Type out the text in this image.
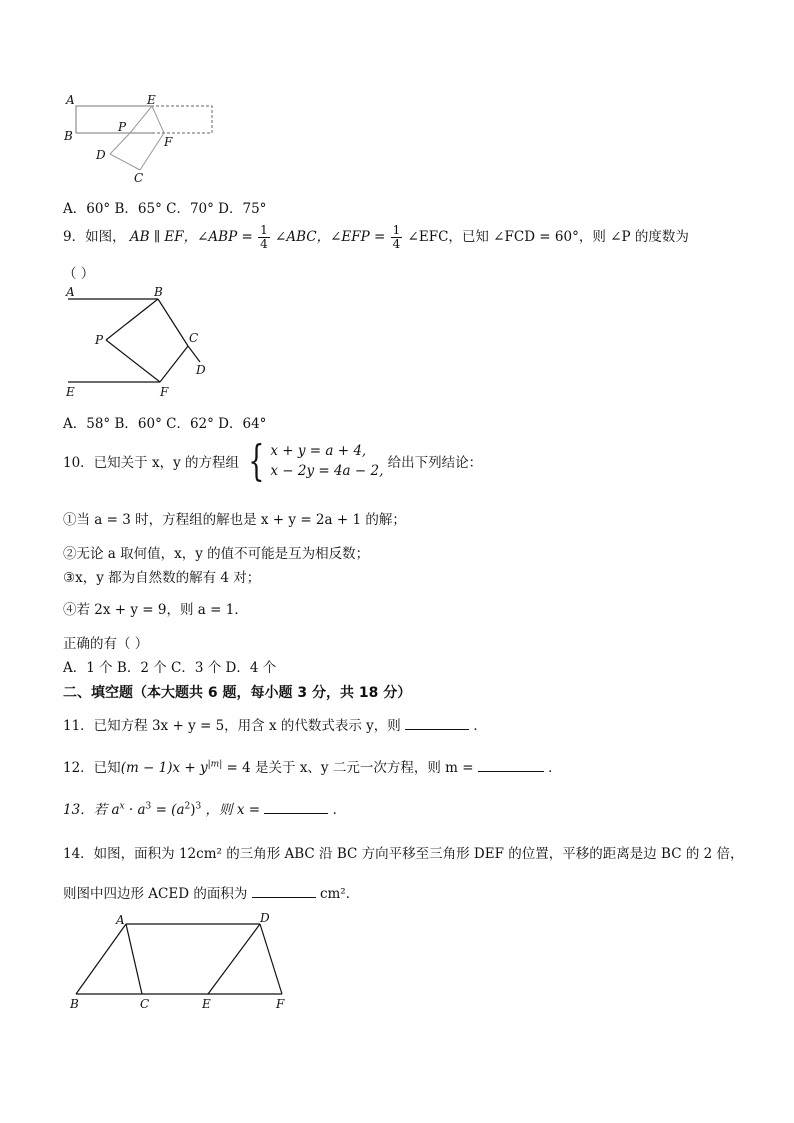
A	E
B
P
F
D
C
A．60° B．65° C．70° D．75°
9．如图， AB ∥ EF，∠ABP = $\frac{1}{4}$ ∠ABC，∠EFP = $\frac{1}{4}$ ∠EFC，已知 ∠FCD = 60°，则 ∠P 的度数为
（ ）
A	B
P	C
D
E	F
A．58° B．60° C．62° D．64°
10．已知关于 x，y 的方程组 { x + y = a + 4,
x − 2y = 4a − 2, 给出下列结论：
①当 a = 3 时，方程组的解也是 x + y = 2a + 1 的解；
②无论 a 取何值，x，y 的值不可能是互为相反数；
③x，y 都为自然数的解有 4 对；
④若 2x + y = 9，则 a = 1．
正确的有（ ）
A．1 个 B．2 个 C．3 个 D．4 个
二、填空题（本大题共 6 题，每小题 3 分，共 18 分）
11．已知方程 3x + y = 5，用含 x 的代数式表示 y，则	．
12．已知$(m - 1)x + y^{|m|} = 4$ 是关于 x、y 二元一次方程，则 m =	．
13．若 $a^x \cdot a^3 = (a^2)^3$ ，则 x =	．
14．如图，面积为 12cm² 的三角形 ABC 沿 BC 方向平移至三角形 DEF 的位置，平移的距离是边 BC 的 2 倍，
则图中四边形 ACED 的面积为	cm²．
A	D
B	C	E	F
